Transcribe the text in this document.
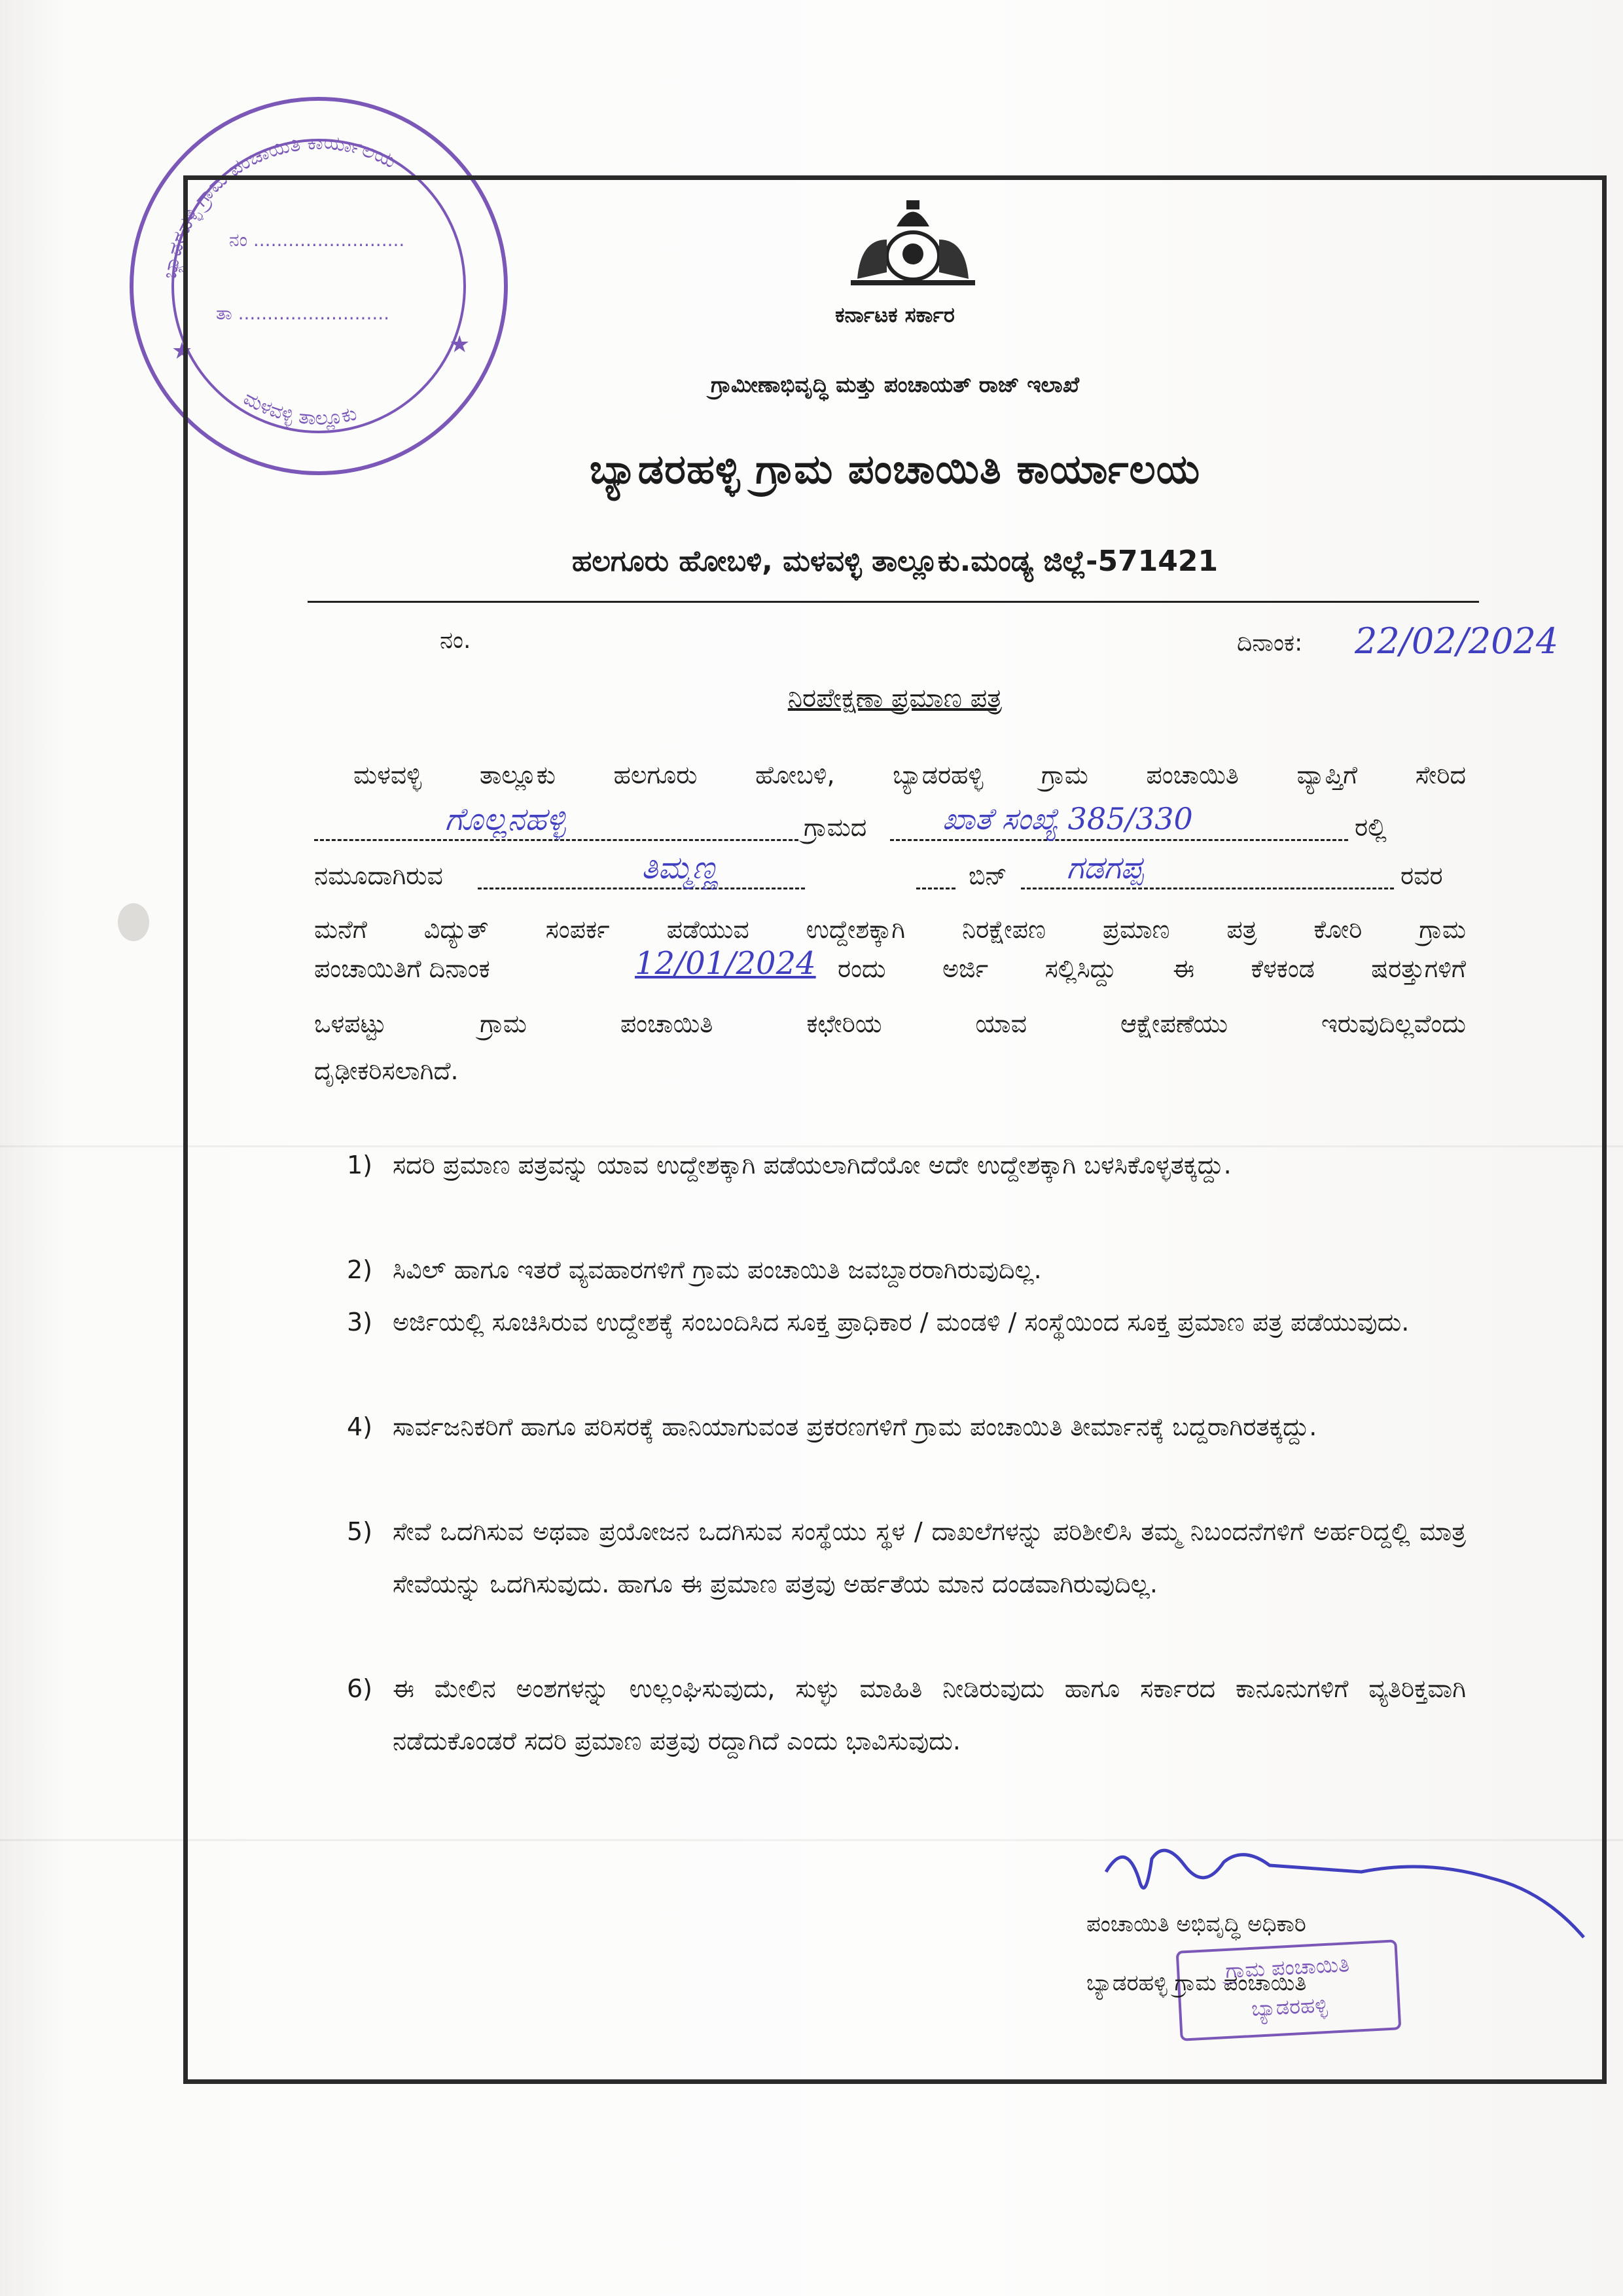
ಬ್ಯಾಡರಹಳ್ಳಿ ಗ್ರಾಮ ಪಂಚಾಯಿತಿ ಕಾರ್ಯಾಲಯ
ಮಳವಳ್ಳಿ ತಾಲ್ಲೂಕು
★	★
ನಂ ..........................
ತಾ ..........................	ಕರ್ನಾಟಕ ಸರ್ಕಾರ
ಗ್ರಾಮೀಣಾಭಿವೃದ್ಧಿ ಮತ್ತು ಪಂಚಾಯತ್ ರಾಜ್ ಇಲಾಖೆ
ಬ್ಯಾಡರಹಳ್ಳಿ ಗ್ರಾಮ ಪಂಚಾಯಿತಿ ಕಾರ್ಯಾಲಯ
ಹಲಗೂರು ಹೋಬಳಿ, ಮಳವಳ್ಳಿ ತಾಲ್ಲೂಕು.ಮಂಡ್ಯ ಜಿಲ್ಲೆ-571421
ನಂ.	ದಿನಾಂಕ: 22/02/2024
ನಿರಪೇಕ್ಷಣಾ ಪ್ರಮಾಣ ಪತ್ರ
ಮಳವಳ್ಳಿ ತಾಲ್ಲೂಕು ಹಲಗೂರು ಹೋಬಳಿ, ಬ್ಯಾಡರಹಳ್ಳಿ ಗ್ರಾಮ ಪಂಚಾಯಿತಿ ವ್ಯಾಪ್ತಿಗೆ ಸೇರಿದ
ಗೊಲ್ಲನಹಳ್ಳಿ	ಗ್ರಾಮದ	ಖಾತೆ ಸಂಖ್ಯೆ 385/330	ರಲ್ಲಿ
ನಮೂದಾಗಿರುವ	ತಿಮ್ಮಣ್ಣ	ಬಿನ್ ಗಡಗಪ್ಪ	ರವರ
ಮನೆಗೆ ವಿದ್ಯುತ್ ಸಂಪರ್ಕ ಪಡೆಯುವ ಉದ್ದೇಶಕ್ಕಾಗಿ ನಿರಕ್ಷೇಪಣ ಪ್ರಮಾಣ ಪತ್ರ ಕೋರಿ ಗ್ರಾಮ
ಪಂಚಾಯಿತಿಗೆ ದಿನಾಂಕ	12/01/2024 ರಂದು ಅರ್ಜಿ ಸಲ್ಲಿಸಿದ್ದು ಈ ಕೆಳಕಂಡ ಷರತ್ತುಗಳಿಗೆ
ಒಳಪಟ್ಟು ಗ್ರಾಮ ಪಂಚಾಯಿತಿ ಕಛೇರಿಯ ಯಾವ ಆಕ್ಷೇಪಣೆಯು ಇರುವುದಿಲ್ಲವೆಂದು
ದೃಢೀಕರಿಸಲಾಗಿದೆ.
1) ಸದರಿ ಪ್ರಮಾಣ ಪತ್ರವನ್ನು ಯಾವ ಉದ್ದೇಶಕ್ಕಾಗಿ ಪಡೆಯಲಾಗಿದೆಯೋ ಅದೇ ಉದ್ದೇಶಕ್ಕಾಗಿ ಬಳಸಿಕೊಳ್ಳತಕ್ಕದ್ದು.
2) ಸಿವಿಲ್ ಹಾಗೂ ಇತರೆ ವ್ಯವಹಾರಗಳಿಗೆ ಗ್ರಾಮ ಪಂಚಾಯಿತಿ ಜವಬ್ದಾರರಾಗಿರುವುದಿಲ್ಲ.
3) ಅರ್ಜಿಯಲ್ಲಿ ಸೂಚಿಸಿರುವ ಉದ್ದೇಶಕ್ಕೆ ಸಂಬಂದಿಸಿದ ಸೂಕ್ತ ಪ್ರಾಧಿಕಾರ / ಮಂಡಳಿ / ಸಂಸ್ಥೆಯಿಂದ ಸೂಕ್ತ ಪ್ರಮಾಣ ಪತ್ರ ಪಡೆಯುವುದು.
4) ಸಾರ್ವಜನಿಕರಿಗೆ ಹಾಗೂ ಪರಿಸರಕ್ಕೆ ಹಾನಿಯಾಗುವಂತ ಪ್ರಕರಣಗಳಿಗೆ ಗ್ರಾಮ ಪಂಚಾಯಿತಿ ತೀರ್ಮಾನಕ್ಕೆ ಬದ್ದರಾಗಿರತಕ್ಕದ್ದು.
5) ಸೇವೆ ಒದಗಿಸುವ ಅಥವಾ ಪ್ರಯೋಜನ ಒದಗಿಸುವ ಸಂಸ್ಥೆಯು ಸ್ಥಳ / ದಾಖಲೆಗಳನ್ನು ಪರಿಶೀಲಿಸಿ ತಮ್ಮ ನಿಬಂದನೆಗಳಿಗೆ ಅರ್ಹರಿದ್ದಲ್ಲಿ ಮಾತ್ರ ಸೇವೆಯನ್ನು ಒದಗಿಸುವುದು. ಹಾಗೂ ಈ ಪ್ರಮಾಣ ಪತ್ರವು ಅರ್ಹತೆಯ ಮಾನ ದಂಡವಾಗಿರುವುದಿಲ್ಲ.
6) ಈ ಮೇಲಿನ ಅಂಶಗಳನ್ನು ಉಲ್ಲಂಘಿಸುವುದು, ಸುಳ್ಳು ಮಾಹಿತಿ ನೀಡಿರುವುದು ಹಾಗೂ ಸರ್ಕಾರದ ಕಾನೂನುಗಳಿಗೆ ವ್ಯತಿರಿಕ್ತವಾಗಿ ನಡೆದುಕೊಂಡರೆ ಸದರಿ ಪ್ರಮಾಣ ಪತ್ರವು ರದ್ದಾಗಿದೆ ಎಂದು ಭಾವಿಸುವುದು.
ಪಂಚಾಯಿತಿ ಅಭಿವೃದ್ಧಿ ಅಧಿಕಾರಿ
ಗ್ರಾಮ ಪಂಚಾಯಿತಿ
ಬ್ಯಾಡರಹಳ್ಳಿ
ಬ್ಯಾಡರಹಳ್ಳಿ ಗ್ರಾಮ ಪಂಚಾಯಿತಿ
